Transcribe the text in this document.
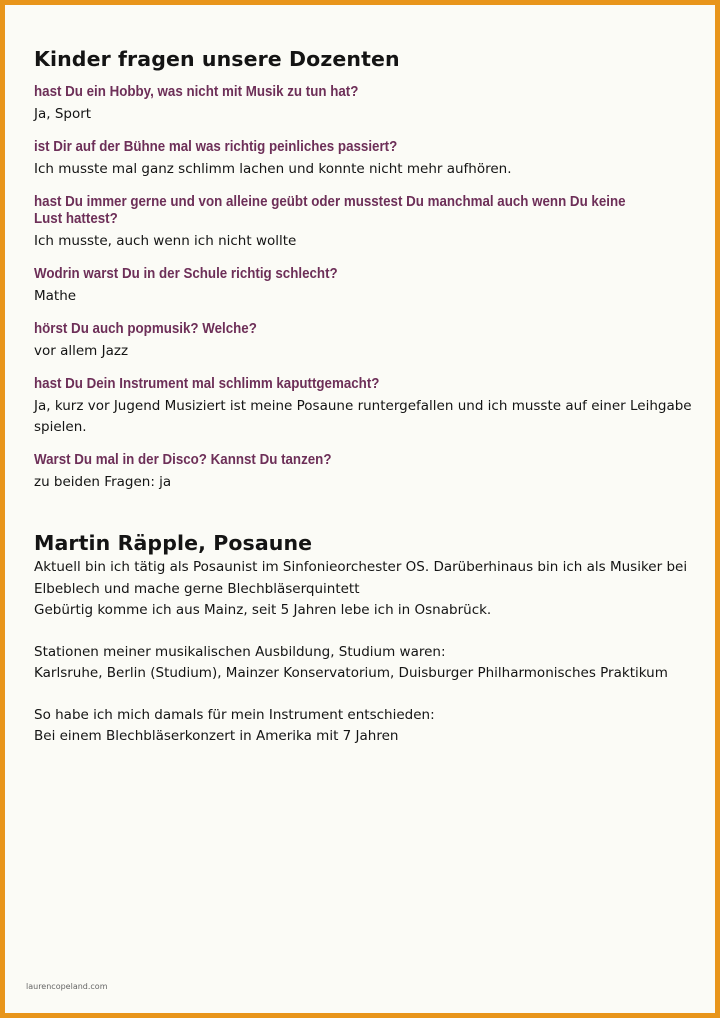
Kinder fragen unsere Dozenten
hast Du ein Hobby, was nicht mit Musik zu tun hat?
Ja, Sport
ist Dir auf der Bühne mal was richtig peinliches passiert?
Ich musste mal ganz schlimm lachen und konnte nicht mehr aufhören.
hast Du immer gerne und von alleine geübt oder musstest Du manchmal auch wenn Du keine Lust hattest?
Ich musste, auch wenn ich nicht wollte
Wodrin warst Du in der Schule richtig schlecht?
Mathe
hörst Du auch popmusik? Welche?
vor allem Jazz
hast Du Dein Instrument mal schlimm kaputtgemacht?
Ja, kurz vor Jugend Musiziert ist meine Posaune runtergefallen und ich musste auf einer Leihgabe spielen.
Warst Du mal in der Disco? Kannst Du tanzen?
zu beiden Fragen: ja
Martin Räpple, Posaune

Aktuell bin ich tätig als Posaunist im Sinfonieorchester OS. Darüberhinaus bin ich als Musiker bei Elbeblech und mache gerne Blechbläserquintett

Gebürtig komme ich aus Mainz, seit 5 Jahren lebe ich in Osnabrück.

Stationen meiner musikalischen Ausbildung, Studium waren:

Karlsruhe, Berlin (Studium), Mainzer Konservatorium, Duisburger Philharmonisches Praktikum

So habe ich mich damals für mein Instrument entschieden:

Bei einem Blechbläserkonzert in Amerika mit 7 Jahren

laurencopeland.com
